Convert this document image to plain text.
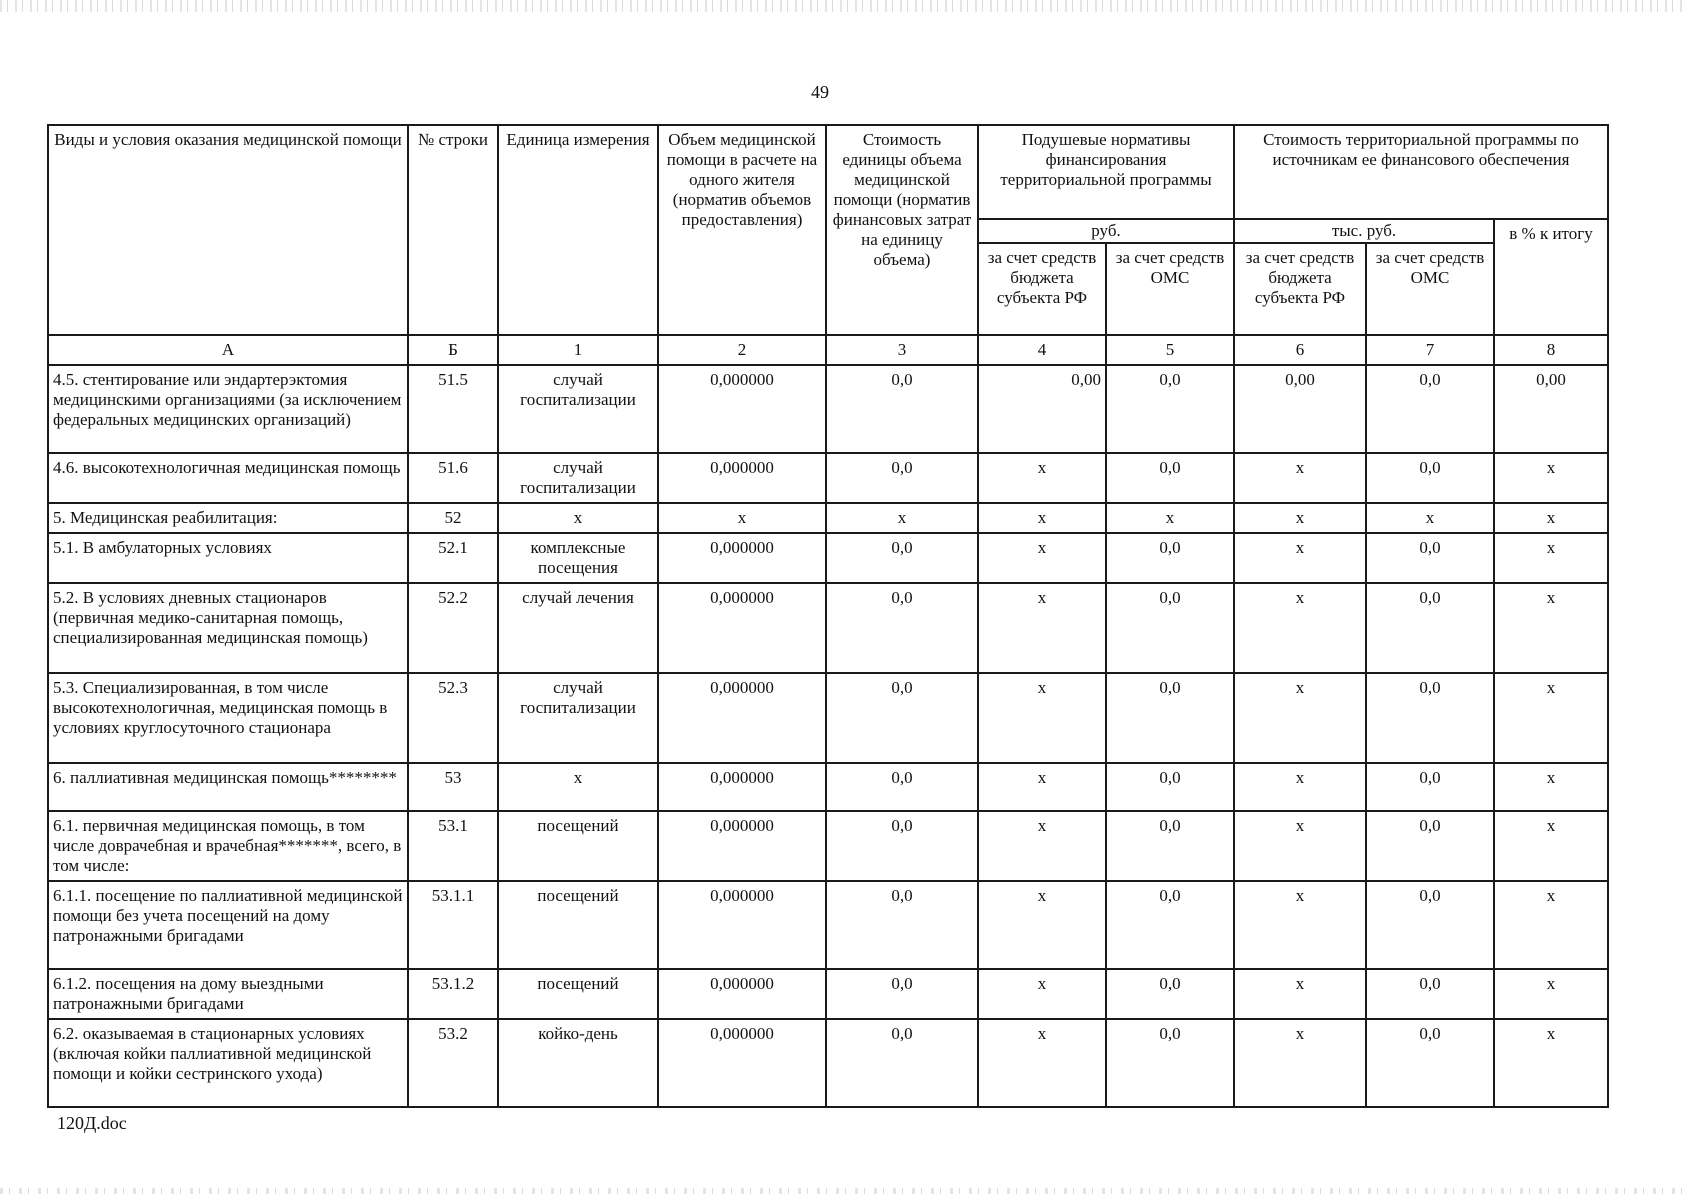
49
Виды и условия оказания медицинской помощи	№ строки	Единица измерения	Объем медицинской помощи в расчете на одного жителя (норматив объемов предоставления)	Стоимость единицы объема медицинской помощи (норматив финансовых затрат на единицу объема)	Подушевые нормативы финансирования территориальной программы		Стоимость территориальной программы по источникам ее финансового обеспечения		
					руб.		тыс. руб.		в % к итогу
					за счет средств бюджета субъекта РФ	за счет средств ОМС	за счет средств бюджета субъекта РФ	за счет средств ОМС	
А	Б	1	2	3	4	5	6	7	8
4.5. стентирование или эндартерэктомия медицинскими организациями (за исключением федеральных медицинских организаций)	51.5	случай госпитализации	0,000000	0,0	0,00	0,0	0,00	0,0	0,00
4.6. высокотехнологичная медицинская помощь	51.6	случай госпитализации	0,000000	0,0	х	0,0	х	0,0	х
5. Медицинская реабилитация:	52	х	х	х	х	х	х	х	х
5.1. В амбулаторных условиях	52.1	комплексные посещения	0,000000	0,0	х	0,0	х	0,0	х
5.2. В условиях дневных стационаров (первичная медико-санитарная помощь, специализированная медицинская помощь)	52.2	случай лечения	0,000000	0,0	х	0,0	х	0,0	х
5.3. Специализированная, в том числе высокотехнологичная, медицинская помощь в условиях круглосуточного стационара	52.3	случай госпитализации	0,000000	0,0	х	0,0	х	0,0	х
6. паллиативная медицинская помощь********	53	х	0,000000	0,0	х	0,0	х	0,0	х
6.1. первичная медицинская помощь, в том числе доврачебная и врачебная*******, всего, в том числе:	53.1	посещений	0,000000	0,0	х	0,0	х	0,0	х
6.1.1. посещение по паллиативной медицинской помощи без учета посещений на дому патронажными бригадами	53.1.1	посещений	0,000000	0,0	х	0,0	х	0,0	х
6.1.2. посещения на дому выездными патронажными бригадами	53.1.2	посещений	0,000000	0,0	х	0,0	х	0,0	х
6.2. оказываемая в стационарных условиях (включая койки паллиативной медицинской помощи и койки сестринского ухода)	53.2	койко-день	0,000000	0,0	х	0,0	х	0,0	х
120Д.doc
